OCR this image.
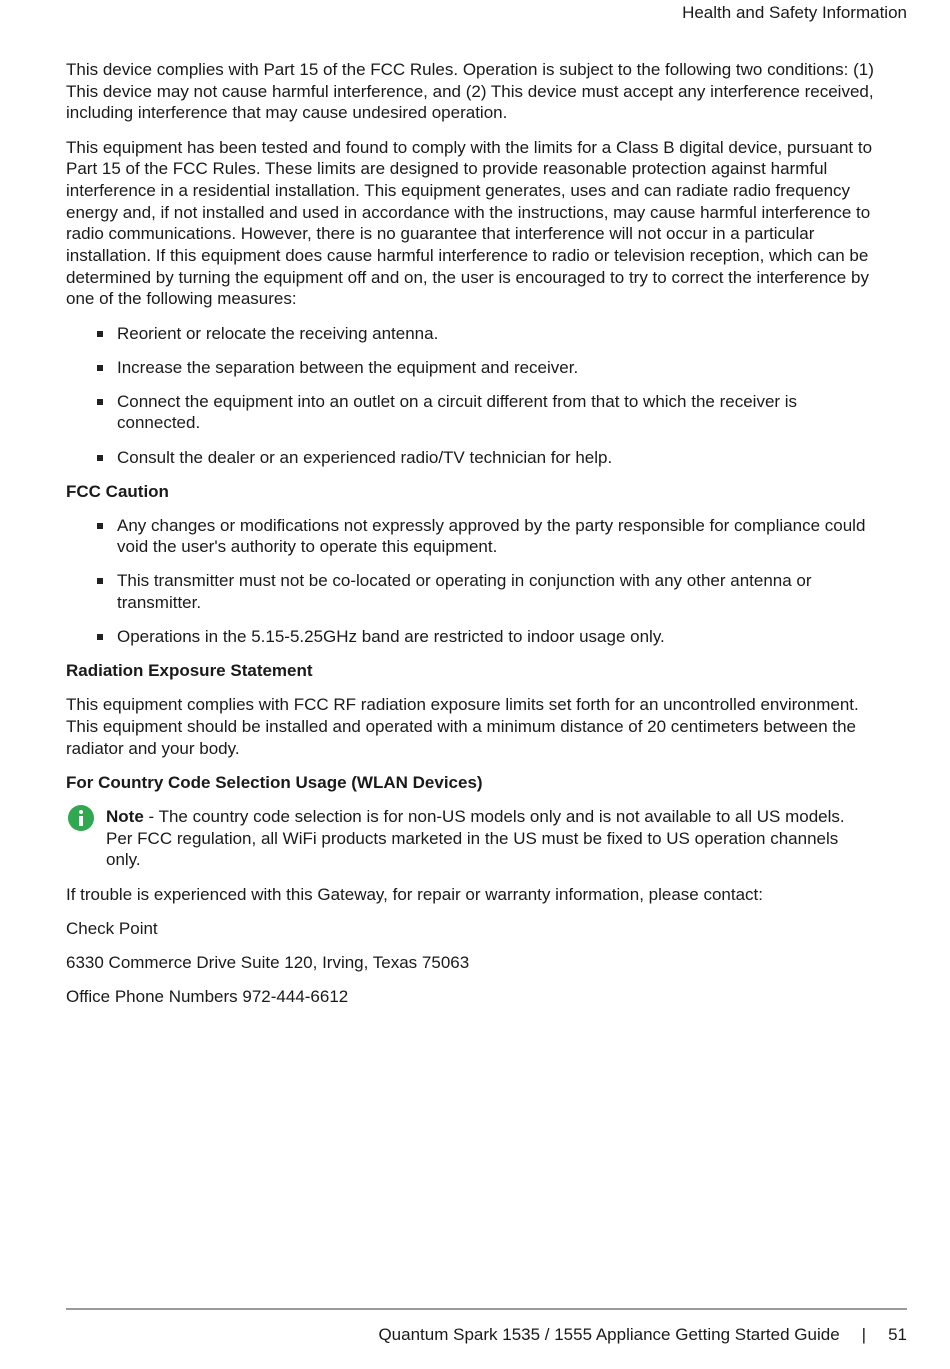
Health and Safety Information
This device complies with Part 15 of the FCC Rules. Operation is subject to the following two conditions: (1)
This device may not cause harmful interference, and (2) This device must accept any interference received,
including interference that may cause undesired operation.
This equipment has been tested and found to comply with the limits for a Class B digital device, pursuant to
Part 15 of the FCC Rules. These limits are designed to provide reasonable protection against harmful
interference in a residential installation. This equipment generates, uses and can radiate radio frequency
energy and, if not installed and used in accordance with the instructions, may cause harmful interference to
radio communications. However, there is no guarantee that interference will not occur in a particular
installation. If this equipment does cause harmful interference to radio or television reception, which can be
determined by turning the equipment off and on, the user is encouraged to try to correct the interference by
one of the following measures:
Reorient or relocate the receiving antenna.
Increase the separation between the equipment and receiver.
Connect the equipment into an outlet on a circuit different from that to which the receiver is
connected.
Consult the dealer or an experienced radio/TV technician for help.
FCC Caution
Any changes or modifications not expressly approved by the party responsible for compliance could
void the user's authority to operate this equipment.
This transmitter must not be co-located or operating in conjunction with any other antenna or
transmitter.
Operations in the 5.15-5.25GHz band are restricted to indoor usage only.
Radiation Exposure Statement
This equipment complies with FCC RF radiation exposure limits set forth for an uncontrolled environment.
This equipment should be installed and operated with a minimum distance of 20 centimeters between the
radiator and your body.
For Country Code Selection Usage (WLAN Devices)
Note - The country code selection is for non-US models only and is not available to all US models.
Per FCC regulation, all WiFi products marketed in the US must be fixed to US operation channels
only.
If trouble is experienced with this Gateway, for repair or warranty information, please contact:
Check Point
6330 Commerce Drive Suite 120, Irving, Texas 75063
Office Phone Numbers 972-444-6612
Quantum Spark 1535 / 1555 Appliance Getting Started Guide | 51
